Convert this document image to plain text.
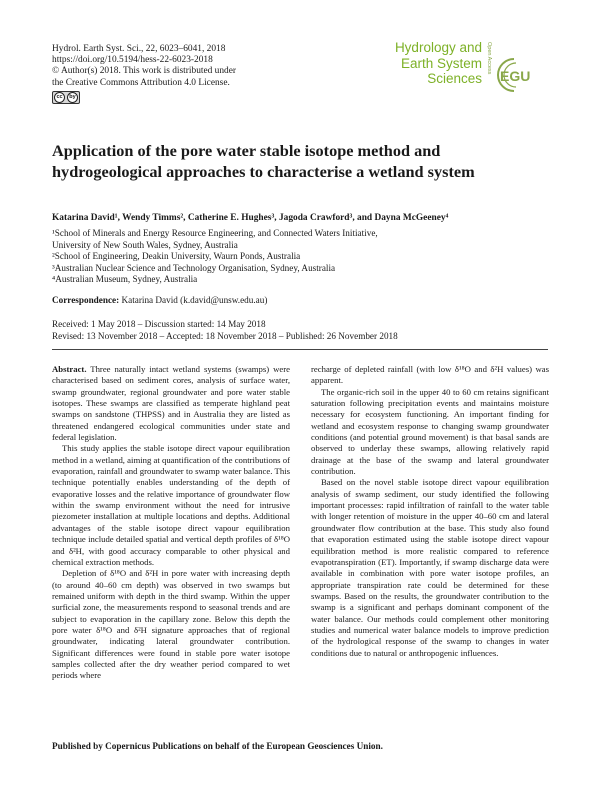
Hydrol. Earth Syst. Sci., 22, 6023–6041, 2018
https://doi.org/10.5194/hess-22-6023-2018
© Author(s) 2018. This work is distributed under
the Creative Commons Attribution 4.0 License.
cc	by
Hydrology and
Earth System
Sciences
Open Access
EGU
Application of the pore water stable isotope method and
hydrogeological approaches to characterise a wetland system
Katarina David¹, Wendy Timms², Catherine E. Hughes³, Jagoda Crawford³, and Dayna McGeeney⁴
¹School of Minerals and Energy Resource Engineering, and Connected Waters Initiative,
University of New South Wales, Sydney, Australia
²School of Engineering, Deakin University, Waurn Ponds, Australia
³Australian Nuclear Science and Technology Organisation, Sydney, Australia
⁴Australian Museum, Sydney, Australia
Correspondence: Katarina David (k.david@unsw.edu.au)
Received: 1 May 2018 – Discussion started: 14 May 2018
Revised: 13 November 2018 – Accepted: 18 November 2018 – Published: 26 November 2018

Abstract. Three naturally intact wetland systems (swamps) were characterised based on sediment cores, analysis of surface water, swamp groundwater, regional groundwater and pore water stable isotopes. These swamps are classified as temperate highland peat swamps on sandstone (THPSS) and in Australia they are listed as threatened endangered ecological communities under state and federal legislation.

This study applies the stable isotope direct vapour equilibration method in a wetland, aiming at quantification of the contributions of evaporation, rainfall and groundwater to swamp water balance. This technique potentially enables understanding of the depth of evaporative losses and the relative importance of groundwater flow within the swamp environment without the need for intrusive piezometer installation at multiple locations and depths. Additional advantages of the stable isotope direct vapour equilibration technique include detailed spatial and vertical depth profiles of δ¹⁸O and δ²H, with good accuracy comparable to other physical and chemical extraction methods.

Depletion of δ¹⁸O and δ²H in pore water with increasing depth (to around 40–60 cm depth) was observed in two swamps but remained uniform with depth in the third swamp. Within the upper surficial zone, the measurements respond to seasonal trends and are subject to evaporation in the capillary zone. Below this depth the pore water δ¹⁸O and δ²H signature approaches that of regional groundwater, indicating lateral groundwater contribution. Significant differences were found in stable pore water isotope samples collected after the dry weather period compared to wet periods where

recharge of depleted rainfall (with low δ¹⁸O and δ²H values) was apparent.

The organic-rich soil in the upper 40 to 60 cm retains significant saturation following precipitation events and maintains moisture necessary for ecosystem functioning. An important finding for wetland and ecosystem response to changing swamp groundwater conditions (and potential ground movement) is that basal sands are observed to underlay these swamps, allowing relatively rapid drainage at the base of the swamp and lateral groundwater contribution.

Based on the novel stable isotope direct vapour equilibration analysis of swamp sediment, our study identified the following important processes: rapid infiltration of rainfall to the water table with longer retention of moisture in the upper 40–60 cm and lateral groundwater flow contribution at the base. This study also found that evaporation estimated using the stable isotope direct vapour equilibration method is more realistic compared to reference evapotranspiration (ET). Importantly, if swamp discharge data were available in combination with pore water isotope profiles, an appropriate transpiration rate could be determined for these swamps. Based on the results, the groundwater contribution to the swamp is a significant and perhaps dominant component of the water balance. Our methods could complement other monitoring studies and numerical water balance models to improve prediction of the hydrological response of the swamp to changes in water conditions due to natural or anthropogenic influences.

Published by Copernicus Publications on behalf of the European Geosciences Union.
